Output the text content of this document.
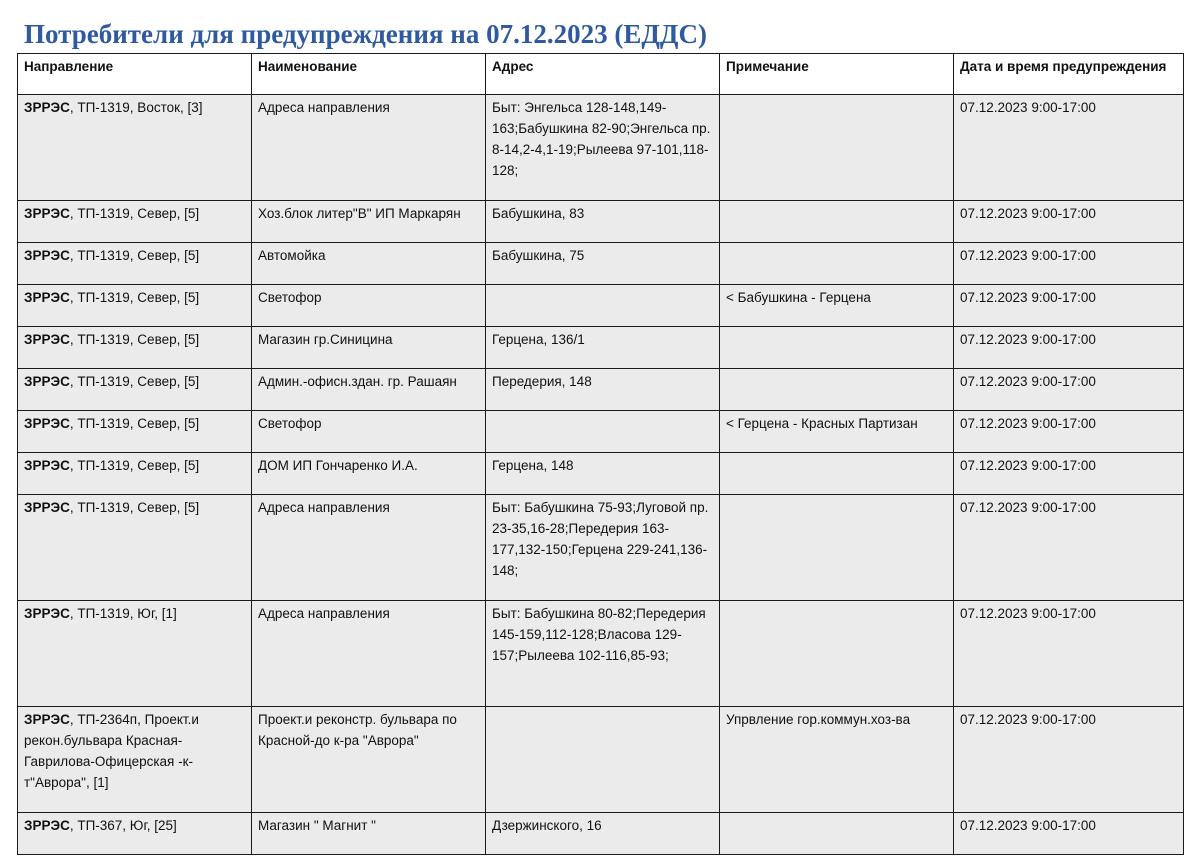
Потребители для предупреждения на 07.12.2023 (ЕДДС)
Направление	Наименование	Адрес	Примечание	Дата и время предупреждения
ЗРРЭС, ТП-1319, Восток, [3]	Адреса направления	Быт: Энгельса 128-148,149-163;Бабушкина 82-90;Энгельса пр. 8-14,2-4,1-19;Рылеева 97-101,118-128;		07.12.2023 9:00-17:00
ЗРРЭС, ТП-1319, Север, [5]	Хоз.блок литер"В" ИП Маркарян	Бабушкина, 83		07.12.2023 9:00-17:00
ЗРРЭС, ТП-1319, Север, [5]	Автомойка	Бабушкина, 75		07.12.2023 9:00-17:00
ЗРРЭС, ТП-1319, Север, [5]	Светофор		< Бабушкина - Герцена	07.12.2023 9:00-17:00
ЗРРЭС, ТП-1319, Север, [5]	Магазин гр.Синицина	Герцена, 136/1		07.12.2023 9:00-17:00
ЗРРЭС, ТП-1319, Север, [5]	Админ.-офисн.здан. гр. Рашаян	Передерия, 148		07.12.2023 9:00-17:00
ЗРРЭС, ТП-1319, Север, [5]	Светофор		< Герцена - Красных Партизан	07.12.2023 9:00-17:00
ЗРРЭС, ТП-1319, Север, [5]	ДОМ ИП Гончаренко И.А.	Герцена, 148		07.12.2023 9:00-17:00
ЗРРЭС, ТП-1319, Север, [5]	Адреса направления	Быт: Бабушкина 75-93;Луговой пр. 23-35,16-28;Передерия 163-177,132-150;Герцена 229-241,136-148;		07.12.2023 9:00-17:00
ЗРРЭС, ТП-1319, Юг, [1]	Адреса направления	Быт: Бабушкина 80-82;Передерия 145-159,112-128;Власова 129-157;Рылеева 102-116,85-93;		07.12.2023 9:00-17:00
ЗРРЭС, ТП-2364п, Проект.и рекон.бульвара Красная-Гаврилова-Офицерская -к-т"Аврора", [1]	Проект.и реконстр. бульвара по Красной-до к-ра "Аврора"		Упрвление гор.коммун.хоз-ва	07.12.2023 9:00-17:00
ЗРРЭС, ТП-367, Юг, [25]	Магазин " Магнит "	Дзержинского, 16		07.12.2023 9:00-17:00
